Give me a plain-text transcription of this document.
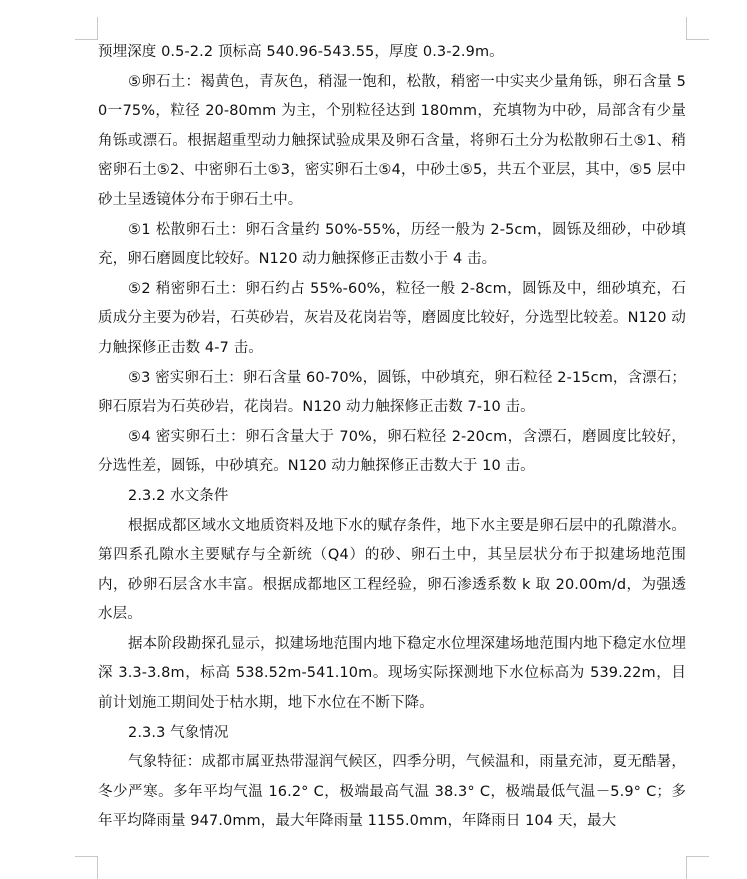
预埋深度 0.5-2.2 顶标高 540.96-543.55，厚度 0.3-2.9m。

⑤卵石土：褐黄色，青灰色，稍湿一饱和，松散，稍密一中实夹少量角铄，卵石含量 50一75%，粒径 20-80mm 为主，个别粒径达到 180mm，充填物为中砂，局部含有少量角铄或漂石。根据超重型动力触探试验成果及卵石含量，将卵石土分为松散卵石土⑤1、稍密卵石土⑤2、中密卵石土⑤3，密实卵石土⑤4，中砂土⑤5，共五个亚层，其中，⑤5 层中砂土呈透镜体分布于卵石土中。

⑤1 松散卵石土：卵石含量约 50%-55%，历经一般为 2-5cm，圆铄及细砂，中砂填充，卵石磨圆度比较好。N120 动力触探修正击数小于 4 击。

⑤2 稍密卵石土：卵石约占 55%-60%，粒径一般 2-8cm，圆铄及中，细砂填充，石质成分主要为砂岩，石英砂岩，灰岩及花岗岩等，磨圆度比较好，分选型比较差。N120 动力触探修正击数 4-7 击。

⑤3 密实卵石土：卵石含量 60-70%，圆铄，中砂填充，卵石粒径 2-15cm，含漂石；卵石原岩为石英砂岩，花岗岩。N120 动力触探修正击数 7-10 击。

⑤4 密实卵石土：卵石含量大于 70%，卵石粒径 2-20cm，含漂石，磨圆度比较好，分选性差，圆铄，中砂填充。N120 动力触探修正击数大于 10 击。

2.3.2 水文条件

根据成都区域水文地质资料及地下水的赋存条件，地下水主要是卵石层中的孔隙潜水。第四系孔隙水主要赋存与全新统（Q4）的砂、卵石土中，其呈层状分布于拟建场地范围内，砂卵石层含水丰富。根据成都地区工程经验，卵石渗透系数 k 取 20.00m/d，为强透水层。

据本阶段勘探孔显示，拟建场地范围内地下稳定水位埋深建场地范围内地下稳定水位埋深 3.3-3.8m，标高 538.52m-541.10m。现场实际探测地下水位标高为 539.22m，目前计划施工期间处于枯水期，地下水位在不断下降。

2.3.3 气象情况

气象特征：成都市属亚热带湿润气候区，四季分明，气候温和，雨量充沛，夏无酷暑，冬少严寒。多年平均气温 16.2° C，极端最高气温 38.3° C，极端最低气温－5.9° C；多年平均降雨量 947.0mm，最大年降雨量 1155.0mm，年降雨日 104 天，最大
